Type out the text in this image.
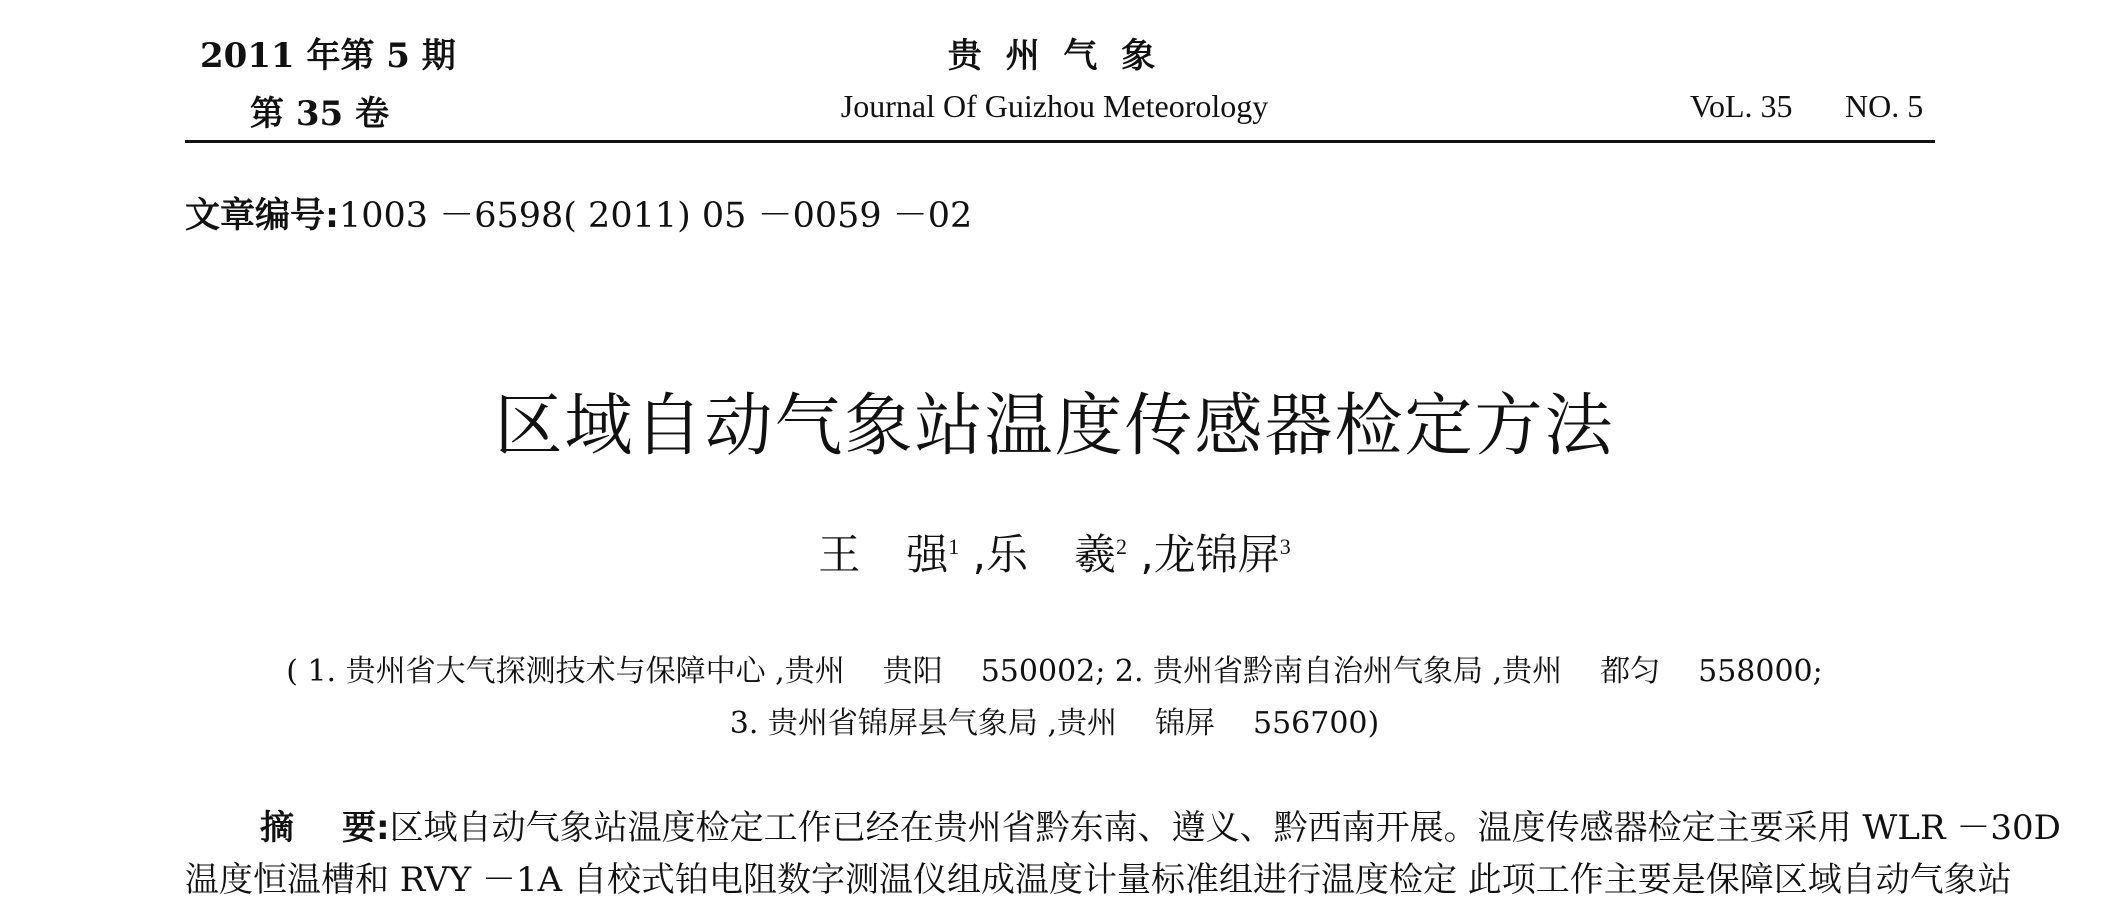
2011 年第 5 期
第 35 卷
贵 州 气 象
Journal Of Guizhou Meteorology	VoL. 35 NO. 5
文章编号:1003 －6598( 2011) 05 －0059 －02
区域自动气象站温度传感器检定方法
王 强$^1$ ,乐 羲$^2$ ,龙锦屏$^3$
( 1. 贵州省大气探测技术与保障中心 ,贵州 贵阳 550002; 2. 贵州省黔南自治州气象局 ,贵州 都匀 558000;
3. 贵州省锦屏县气象局 ,贵州 锦屏 556700)
摘 要:区域自动气象站温度检定工作已经在贵州省黔东南、遵义、黔西南开展。温度传感器检定主要采用 WLR －30D
温度恒温槽和 RVY －1A 自校式铂电阻数字测温仪组成温度计量标准组进行温度检定 此项工作主要是保障区域自动气象站
